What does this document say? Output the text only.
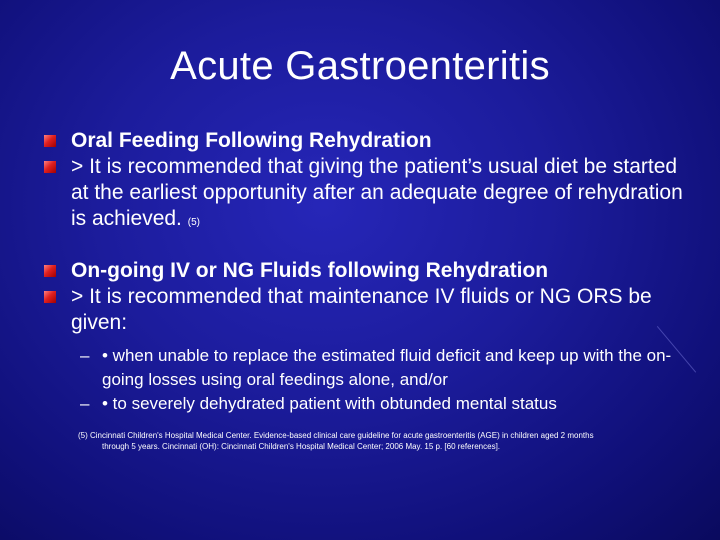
Acute Gastroenteritis
Oral Feeding Following Rehydration
> It is recommended that giving the patient’s usual diet be started at the earliest opportunity after an adequate degree of rehydration is achieved. (5)
On-going IV or NG Fluids following Rehydration
> It is recommended that maintenance IV fluids or NG ORS be given:
– • when unable to replace the estimated fluid deficit and keep up with the on-going losses using oral feedings alone, and/or
– • to severely dehydrated patient with obtunded mental status
(5) Cincinnati Children's Hospital Medical Center. Evidence-based clinical care guideline for acute gastroenteritis (AGE) in children aged 2 months
through 5 years. Cincinnati (OH): Cincinnati Children's Hospital Medical Center; 2006 May. 15 p. [60 references].
